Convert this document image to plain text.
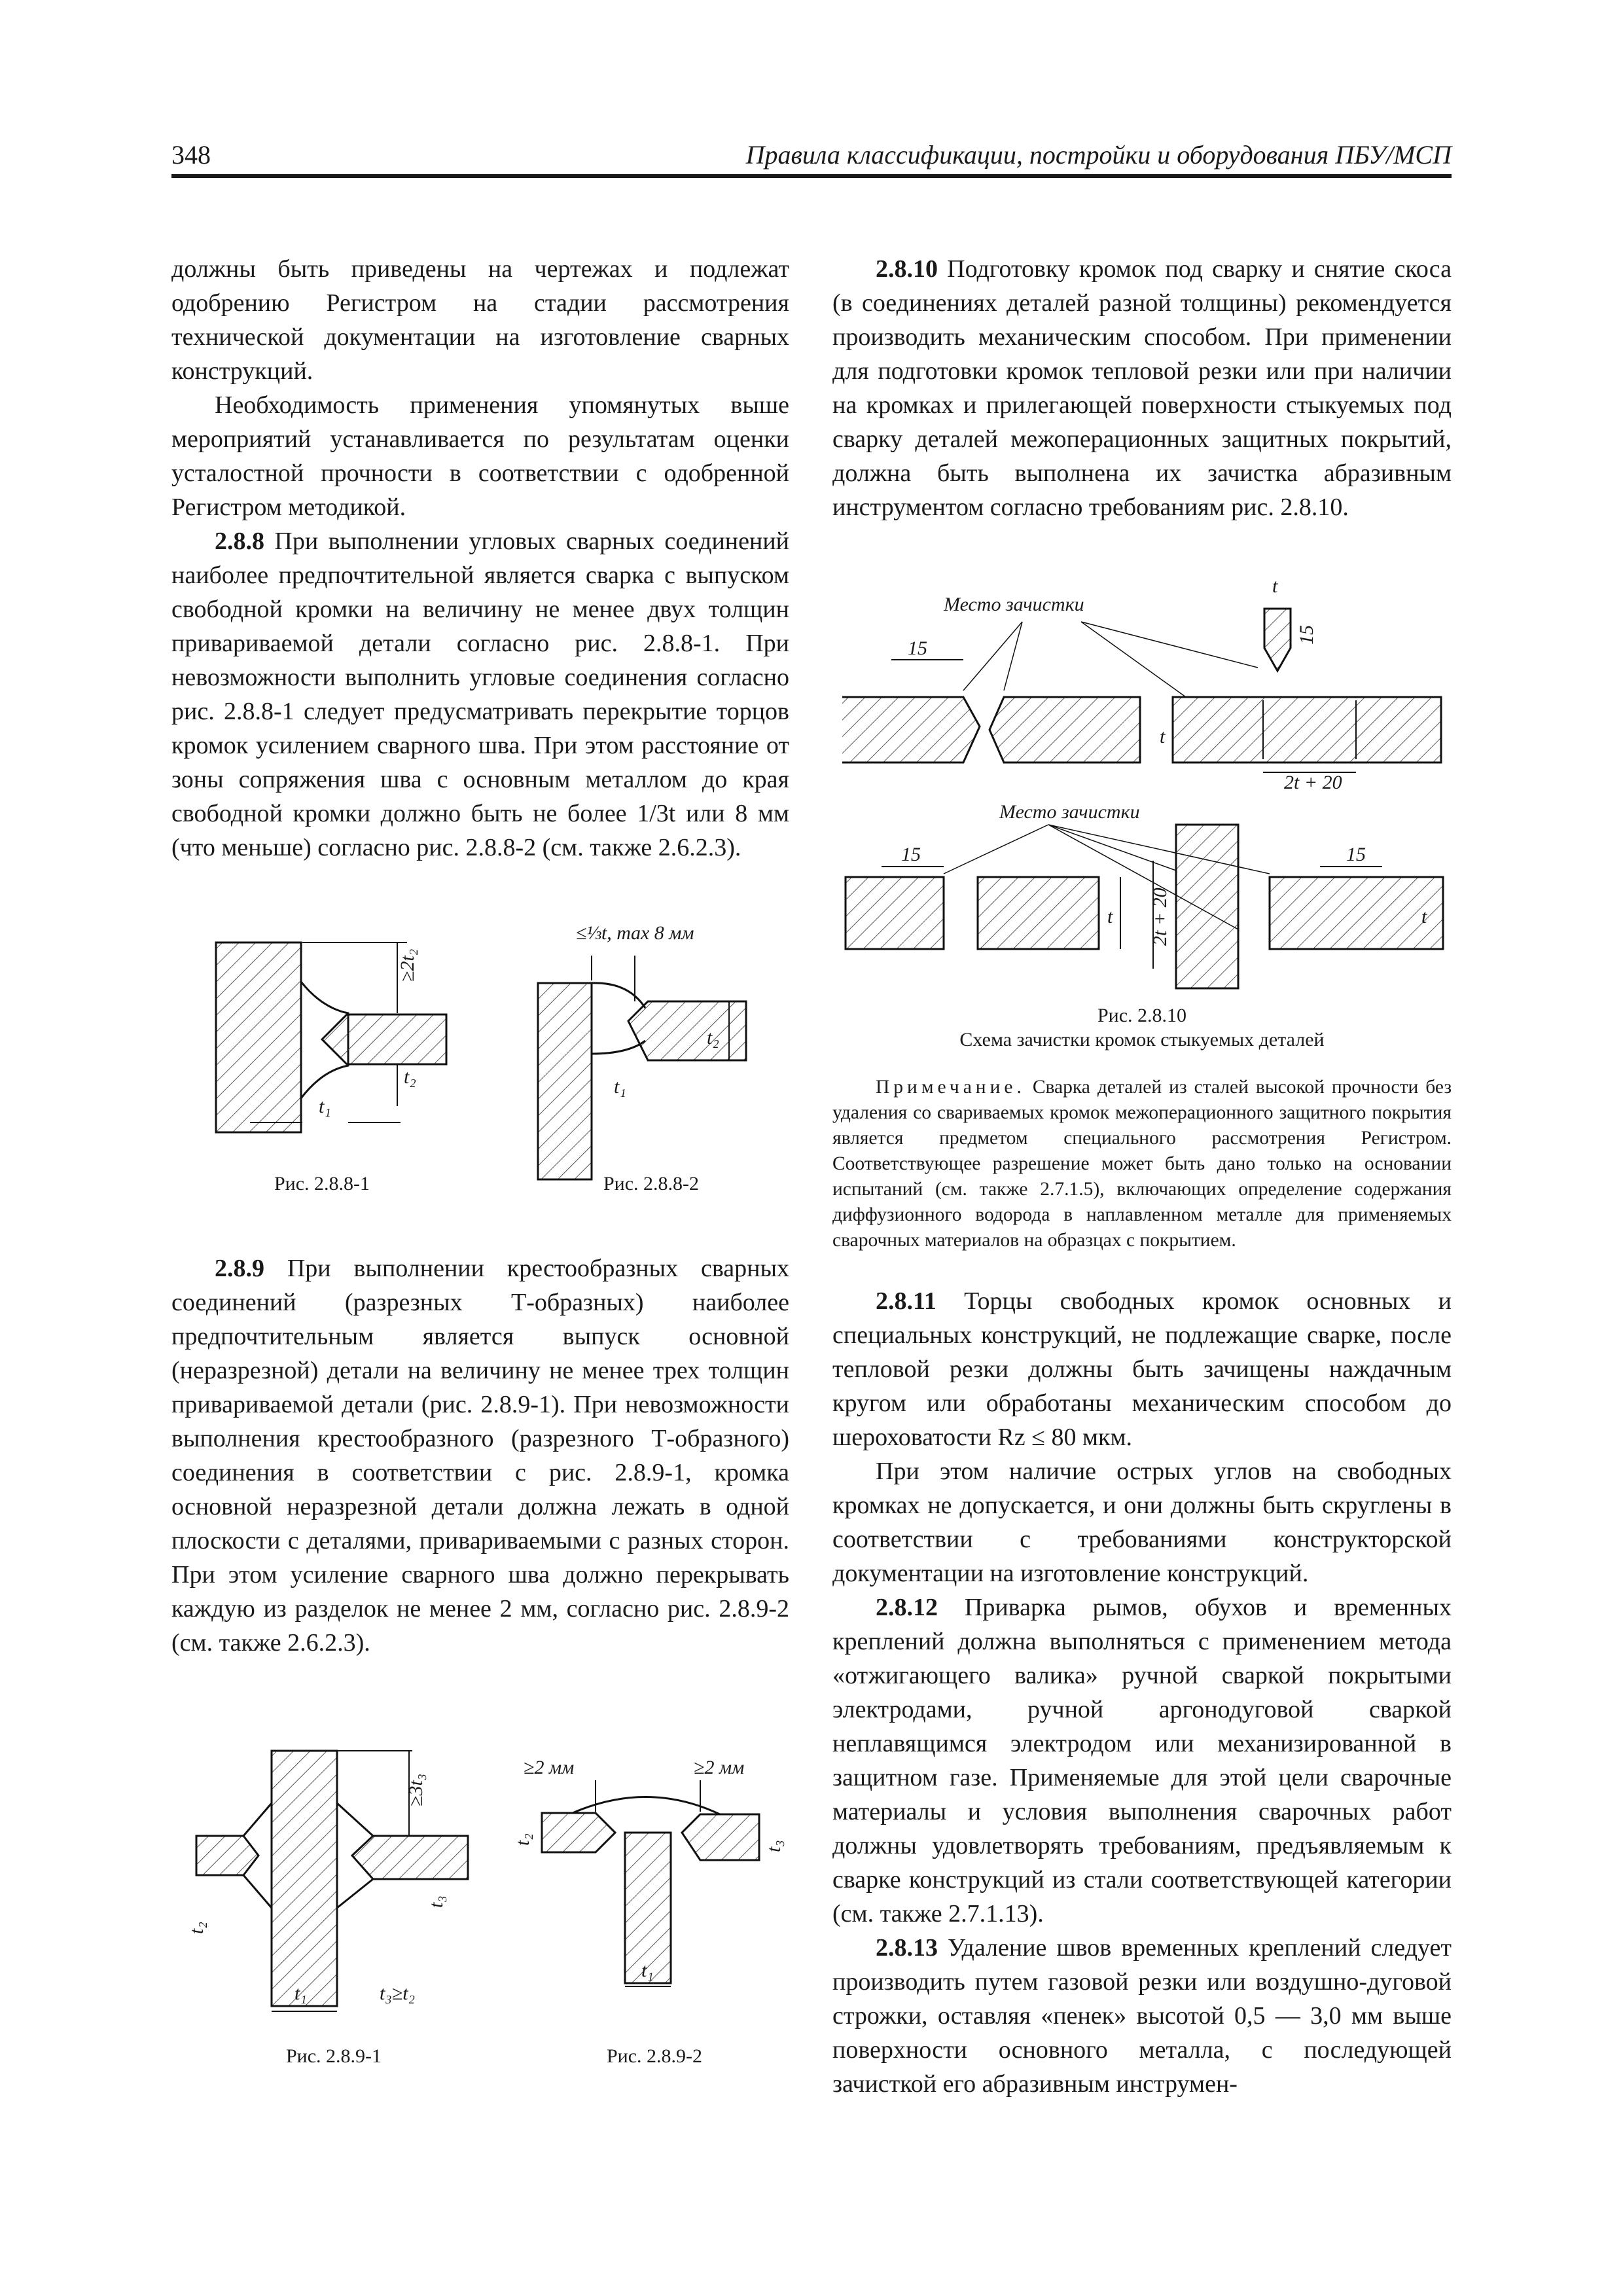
348	Правила классификации, постройки и оборудования ПБУ/МСП

должны быть приведены на чертежах и подлежат одобрению Регистром на стадии рассмотрения технической документации на изготовление сварных конструкций.

Необходимость применения упомянутых выше мероприятий устанавливается по результатам оценки усталостной прочности в соответствии с одобренной Регистром методикой.

2.8.8 При выполнении угловых сварных соединений наиболее предпочтительной является сварка с выпуском свободной кромки на величину не менее двух толщин привариваемой детали согласно рис. 2.8.8-1. При невозможности выполнить угловые соединения согласно рис. 2.8.8-1 следует предусматривать перекрытие торцов кромок усилением сварного шва. При этом расстояние от зоны сопряжения шва с основным металлом до края свободной кромки должно быть не более 1/3t или 8 мм (что меньше) согласно рис. 2.8.8-2 (см. также 2.6.2.3).

≥2t₂
t₂
t₁
Рис. 2.8.8-1
≤⅓t, max 8 мм
t₂
t₁
Рис. 2.8.8-2

2.8.9 При выполнении крестообразных сварных соединений (разрезных Т-образных) наиболее предпочтительным является выпуск основной (неразрезной) детали на величину не менее трех толщин привариваемой детали (рис. 2.8.9-1). При невозможности выполнения крестообразного (разрезного Т-образного) соединения в соответствии с рис. 2.8.9-1, кромка основной неразрезной детали должна лежать в одной плоскости с деталями, привариваемыми с разных сторон. При этом усиление сварного шва должно перекрывать каждую из разделок не менее 2 мм, согласно рис. 2.8.9-2 (см. также 2.6.2.3).

≥3t₃
t₂
t₃
t₁	t₃≥t₂
Рис. 2.8.9-1
≥2 мм	≥2 мм
t₂
t₃
t₁
Рис. 2.8.9-2

2.8.10 Подготовку кромок под сварку и снятие скоса (в соединениях деталей разной толщины) рекомендуется производить механическим способом. При применении для подготовки кромок тепловой резки или при наличии на кромках и прилегающей поверхности стыкуемых под сварку деталей межоперационных защитных покрытий, должна быть выполнена их зачистка абразивным инструментом согласно требованиям рис. 2.8.10.

Место зачистки
15
t
15
t
2t + 20
Место зачистки
15	15
t	t
2t + 20
Рис. 2.8.10
Схема зачистки кромок стыкуемых деталей
Примечание. Сварка деталей из сталей высокой прочности без удаления со свариваемых кромок межоперационного защитного покрытия является предметом специального рассмотрения Регистром. Соответствующее разрешение может быть дано только на основании испытаний (см. также 2.7.1.5), включающих определение содержания диффузионного водорода в наплавленном металле для применяемых сварочных материалов на образцах с покрытием.

2.8.11 Торцы свободных кромок основных и специальных конструкций, не подлежащие сварке, после тепловой резки должны быть зачищены наждачным кругом или обработаны механическим способом до шероховатости Rz ≤ 80 мкм.

При этом наличие острых углов на свободных кромках не допускается, и они должны быть скруглены в соответствии с требованиями конструкторской документации на изготовление конструкций.

2.8.12 Приварка рымов, обухов и временных креплений должна выполняться с применением метода «отжигающего валика» ручной сваркой покрытыми электродами, ручной аргонодуговой сваркой неплавящимся электродом или механизированной в защитном газе. Применяемые для этой цели сварочные материалы и условия выполнения сварочных работ должны удовлетворять требованиям, предъявляемым к сварке конструкций из стали соответствующей категории (см. также 2.7.1.13).

2.8.13 Удаление швов временных креплений следует производить путем газовой резки или воздушно-дуговой строжки, оставляя «пенек» высотой 0,5 — 3,0 мм выше поверхности основного металла, с последующей зачисткой его абразивным инструмен-
